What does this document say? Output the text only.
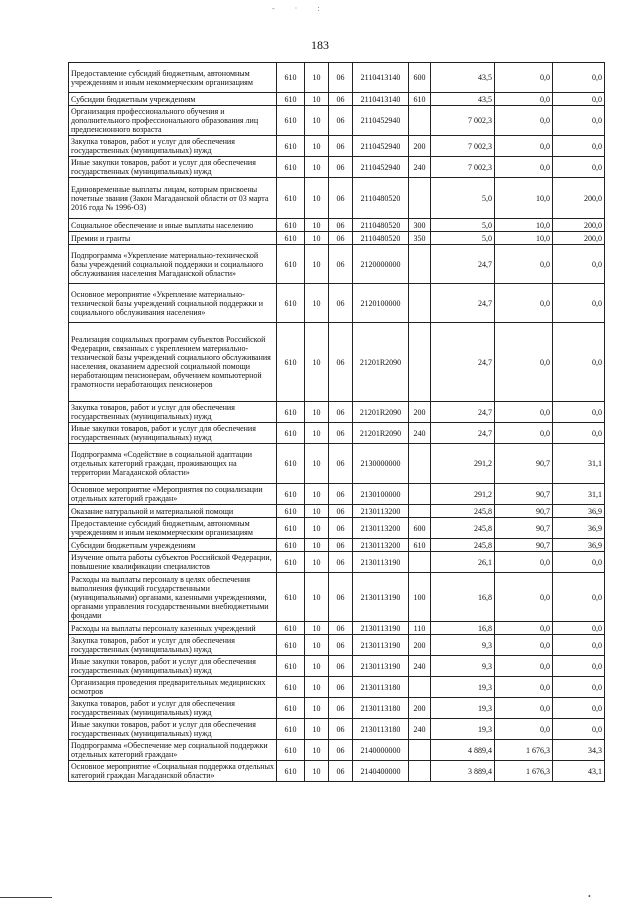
- · :
183
Предоставление субсидий бюджетным, автономным учреждениям и иным некоммерческим организациям	610	10	06	2110413140	600	43,5	0,0	0,0
Субсидии бюджетным учреждениям	610	10	06	2110413140	610	43,5	0,0	0,0
Организация профессионального обучения и дополнительного профессионального образования лиц предпенсионного возраста	610	10	06	2110452940		7 002,3	0,0	0,0
Закупка товаров, работ и услуг для обеспечения государственных (муниципальных) нужд	610	10	06	2110452940	200	7 002,3	0,0	0,0
Иные закупки товаров, работ и услуг для обеспечения государственных (муниципальных) нужд	610	10	06	2110452940	240	7 002,3	0,0	0,0
Единовременные выплаты лицам, которым присвоены почетные звания (Закон Магаданской области от 03 марта 2016 года № 1996-ОЗ)	610	10	06	2110480520		5,0	10,0	200,0
Социальное обеспечение и иные выплаты населению	610	10	06	2110480520	300	5,0	10,0	200,0
Премии и гранты	610	10	06	2110480520	350	5,0	10,0	200,0
Подпрограмма «Укрепление материально-технической базы учреждений социальной поддержки и социального обслуживания населения Магаданской области»	610	10	06	2120000000		24,7	0,0	0,0
Основное мероприятие «Укрепление материально-технической базы учреждений социальной поддержки и социального обслуживания населения»	610	10	06	2120100000		24,7	0,0	0,0
Реализация социальных программ субъектов Российской Федерации, связанных с укреплением материально-технической базы учреждений социального обслуживания населения, оказанием адресной социальной помощи неработающим пенсионерам, обучением компьютерной грамотности неработающих пенсионеров	610	10	06	21201R2090		24,7	0,0	0,0
Закупка товаров, работ и услуг для обеспечения государственных (муниципальных) нужд	610	10	06	21201R2090	200	24,7	0,0	0,0
Иные закупки товаров, работ и услуг для обеспечения государственных (муниципальных) нужд	610	10	06	21201R2090	240	24,7	0,0	0,0
Подпрограмма «Содействие в социальной адаптации отдельных категорий граждан, проживающих на территории Магаданской области»	610	10	06	2130000000		291,2	90,7	31,1
Основное мероприятие «Мероприятия по социализации отдельных категорий граждан»	610	10	06	2130100000		291,2	90,7	31,1
Оказание натуральной и материальной помощи	610	10	06	2130113200		245,8	90,7	36,9
Предоставление субсидий бюджетным, автономным учреждениям и иным некоммерческим организациям	610	10	06	2130113200	600	245,8	90,7	36,9
Субсидии бюджетным учреждениям	610	10	06	2130113200	610	245,8	90,7	36,9
Изучение опыта работы субъектов Российской Федерации, повышение квалификации специалистов	610	10	06	2130113190		26,1	0,0	0,0
Расходы на выплаты персоналу в целях обеспечения выполнения функций государственными (муниципальными) органами, казенными учреждениями, органами управления государственными внебюджетными фондами	610	10	06	2130113190	100	16,8	0,0	0,0
Расходы на выплаты персоналу казенных учреждений	610	10	06	2130113190	110	16,8	0,0	0,0
Закупка товаров, работ и услуг для обеспечения государственных (муниципальных) нужд	610	10	06	2130113190	200	9,3	0,0	0,0
Иные закупки товаров, работ и услуг для обеспечения государственных (муниципальных) нужд	610	10	06	2130113190	240	9,3	0,0	0,0
Организация проведения предварительных медицинских осмотров	610	10	06	2130113180		19,3	0,0	0,0
Закупка товаров, работ и услуг для обеспечения государственных (муниципальных) нужд	610	10	06	2130113180	200	19,3	0,0	0,0
Иные закупки товаров, работ и услуг для обеспечения государственных (муниципальных) нужд	610	10	06	2130113180	240	19,3	0,0	0,0
Подпрограмма «Обеспечение мер социальной поддержки отдельных категорий граждан»	610	10	06	2140000000		4 889,4	1 676,3	34,3
Основное мероприятие «Социальная поддержка отдельных категорий граждан Магаданской области»	610	10	06	2140400000		3 889,4	1 676,3	43,1
•
